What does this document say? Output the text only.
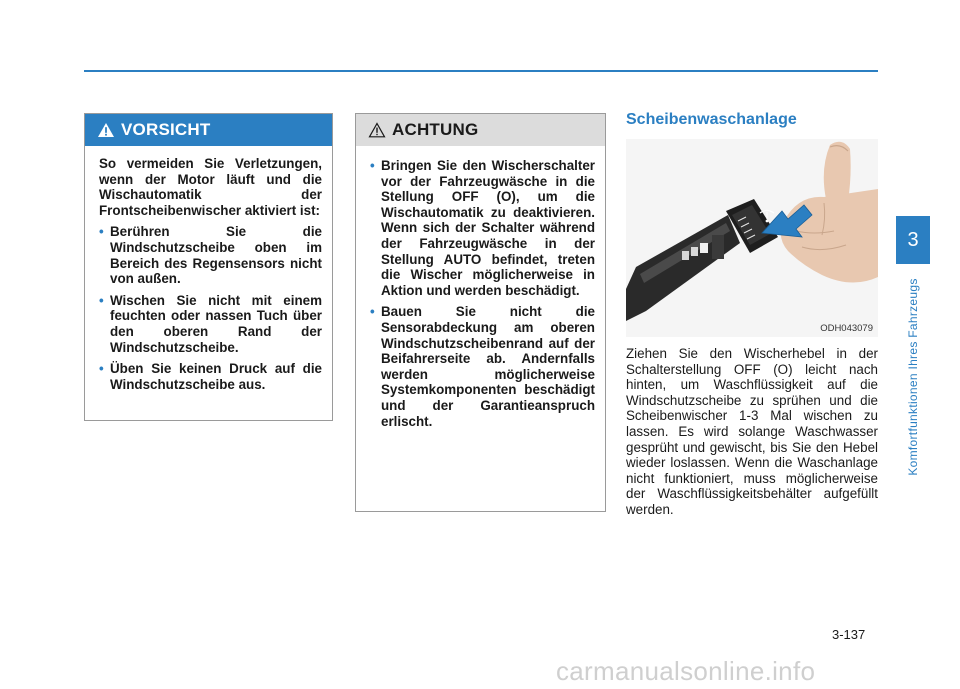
VORSICHT

So vermeiden Sie Verletzungen, wenn der Motor läuft und die Wischautomatik der Frontscheibenwischer aktiviert ist:

• Berühren Sie die Windschutzscheibe oben im Bereich des Regensensors nicht von außen.
• Wischen Sie nicht mit einem feuchten oder nassen Tuch über den oberen Rand der Windschutzscheibe.
• Üben Sie keinen Druck auf die Windschutzscheibe aus.
ACHTUNG
• Bringen Sie den Wischerschalter vor der Fahrzeugwäsche in die Stellung OFF (O), um die Wischautomatik zu deaktivieren. Wenn sich der Schalter während der Fahrzeugwäsche in der Stellung AUTO befindet, treten die Wischer möglicherweise in Aktion und werden beschädigt.
• Bauen Sie nicht die Sensorabdeckung am oberen Windschutzscheibenrand auf der Beifahrerseite ab. Andernfalls werden möglicherweise Systemkomponenten beschädigt und der Garantieanspruch erlischt.
Scheibenwaschanlage
ODH043079

Ziehen Sie den Wischerhebel in der Schalterstellung OFF (O) leicht nach hinten, um Waschflüssigkeit auf die Windschutzscheibe zu sprühen und die Scheibenwischer 1-3 Mal wischen zu lassen. Es wird solange Waschwasser gesprüht und gewischt, bis Sie den Hebel wieder loslassen. Wenn die Waschanlage nicht funktioniert, muss möglicherweise der Waschflüssigkeitsbehälter aufgefüllt werden.

3
Komfortfunktionen Ihres Fahrzeugs
3-137
carmanualsonline.info
